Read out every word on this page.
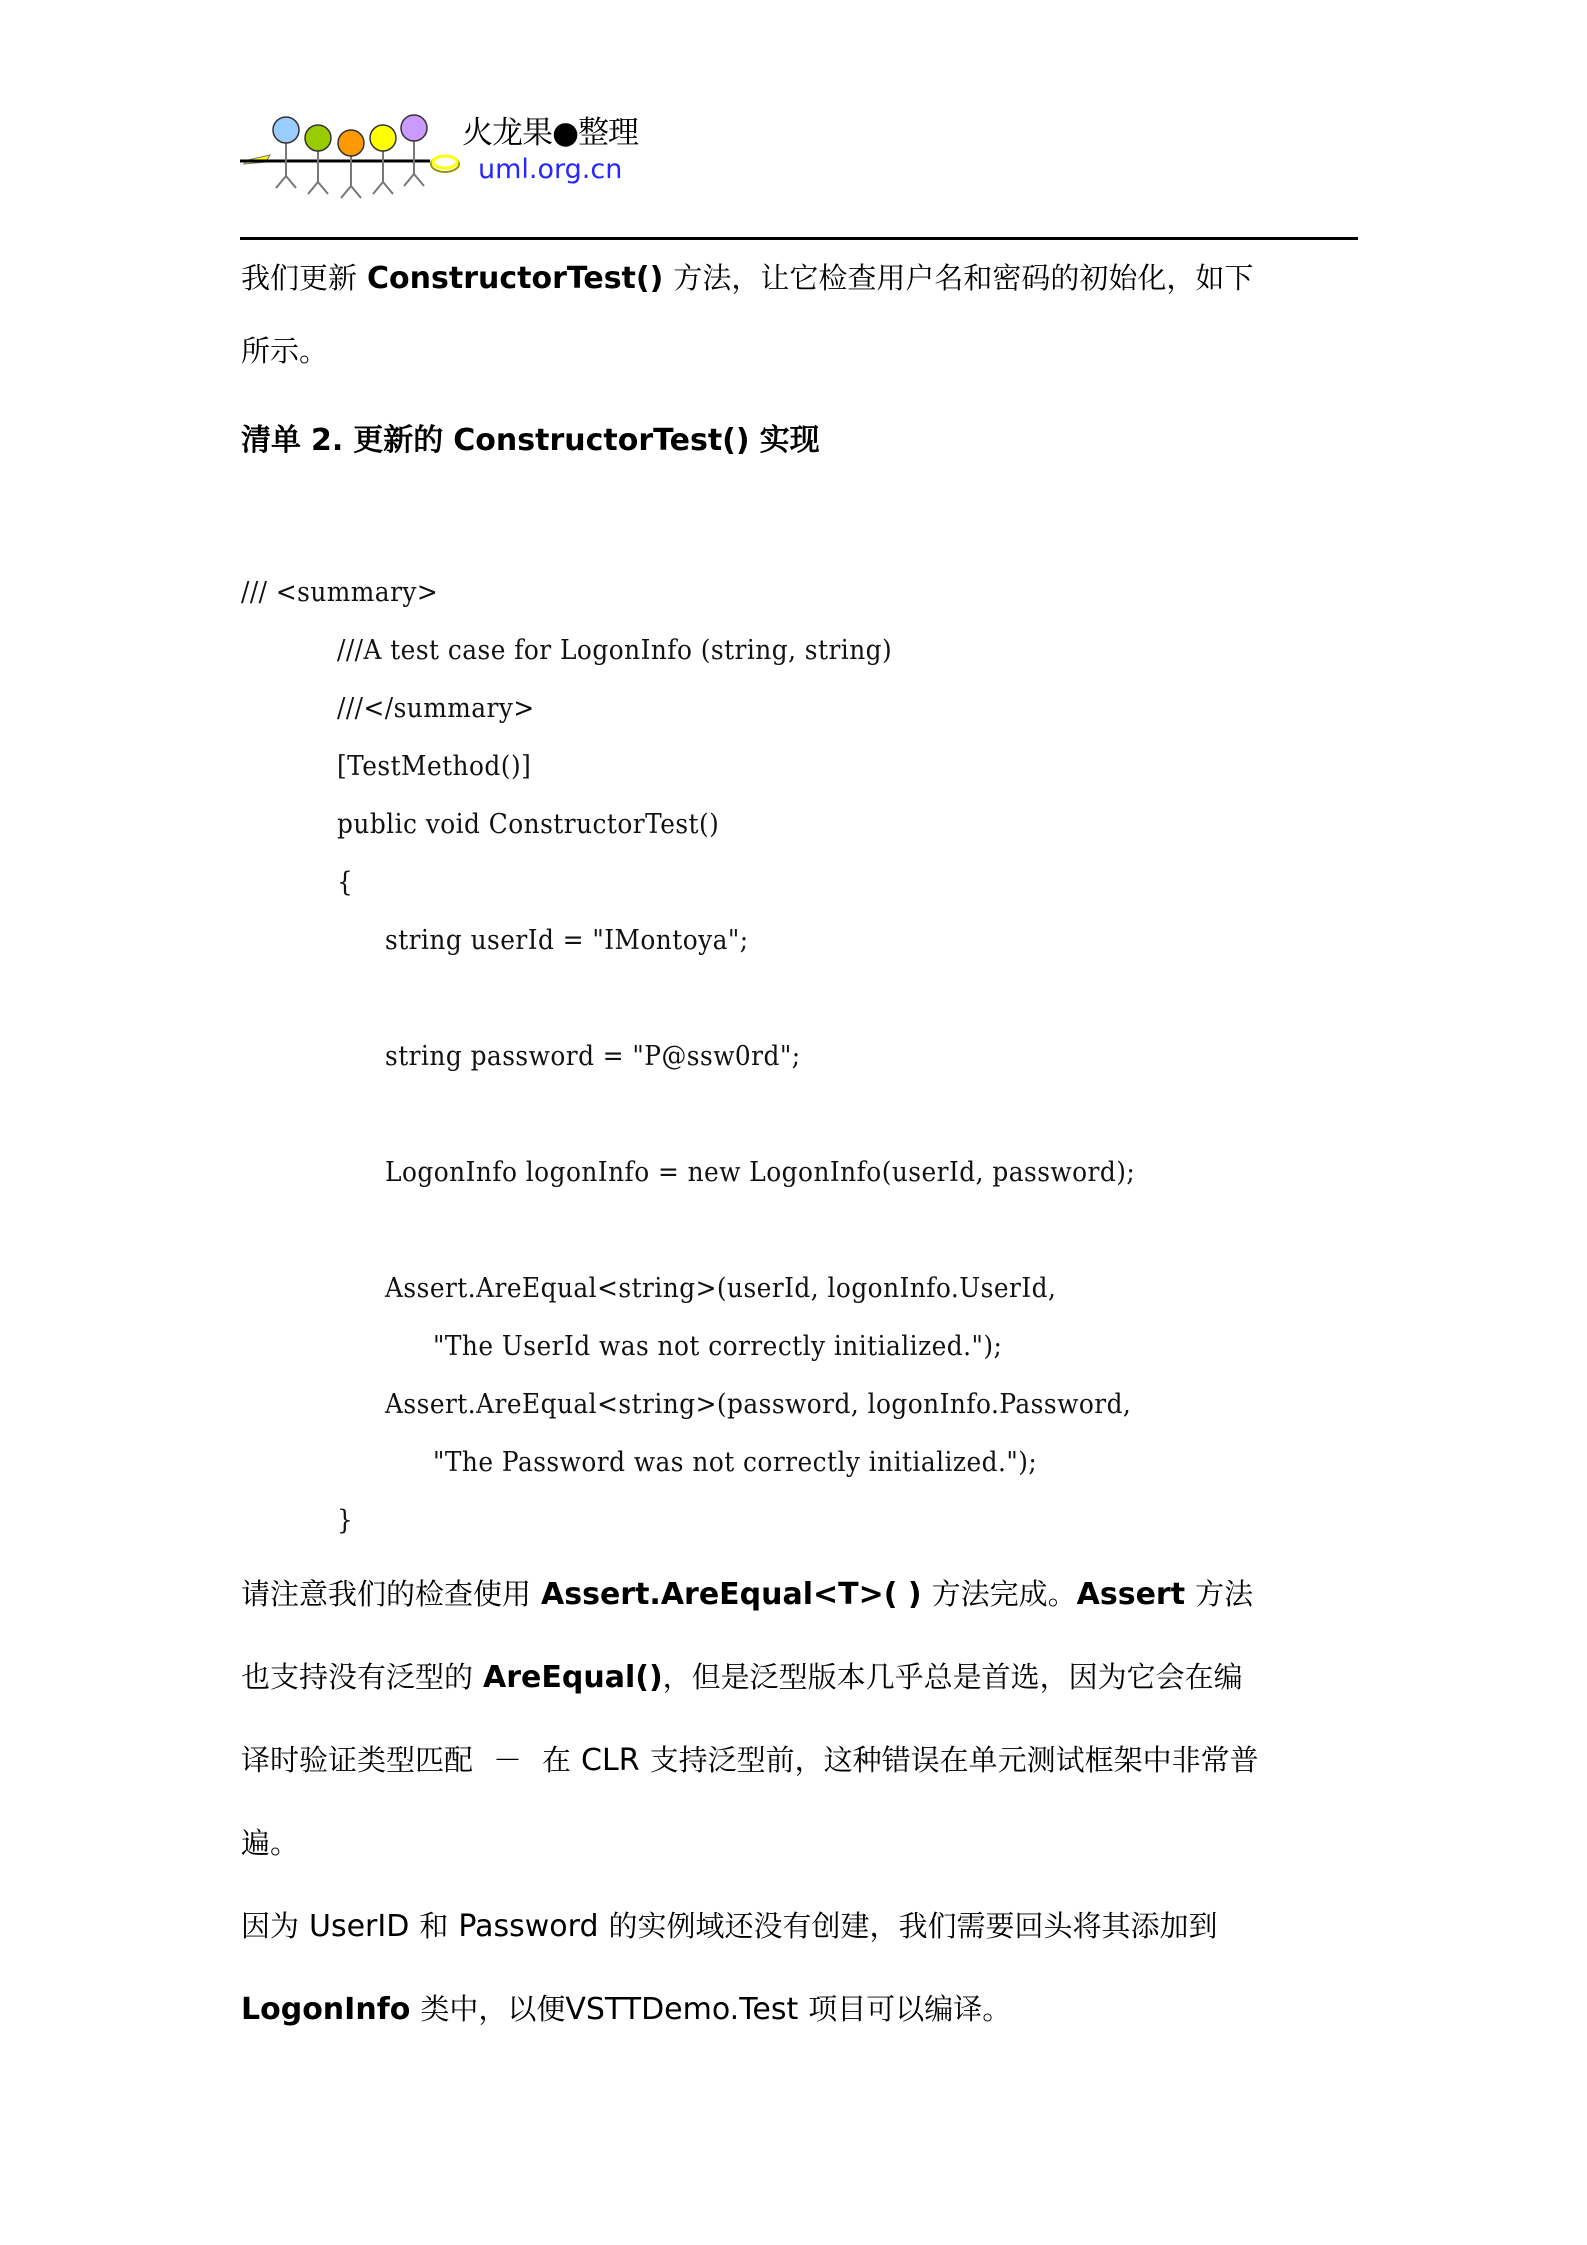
火龙果●整理
uml.org.cn
我们更新 ConstructorTest() 方法，让它检查用户名和密码的初始化，如下
所示。
清单 2. 更新的 ConstructorTest() 实现
/// <summary>
///A test case for LogonInfo (string, string)
///</summary>
[TestMethod()]
public void ConstructorTest()
{
string userId = "IMontoya";
string password = "P@ssw0rd";
LogonInfo logonInfo = new LogonInfo(userId, password);
Assert.AreEqual<string>(userId, logonInfo.UserId,
"The UserId was not correctly initialized.");
Assert.AreEqual<string>(password, logonInfo.Password,
"The Password was not correctly initialized.");
}
请注意我们的检查使用 Assert.AreEqual<T>( ) 方法完成。Assert 方法
也支持没有泛型的 AreEqual()，但是泛型版本几乎总是首选，因为它会在编
译时验证类型匹配 － 在 CLR 支持泛型前，这种错误在单元测试框架中非常普
遍。
因为 UserID 和 Password 的实例域还没有创建，我们需要回头将其添加到
LogonInfo 类中，以便VSTTDemo.Test 项目可以编译。
